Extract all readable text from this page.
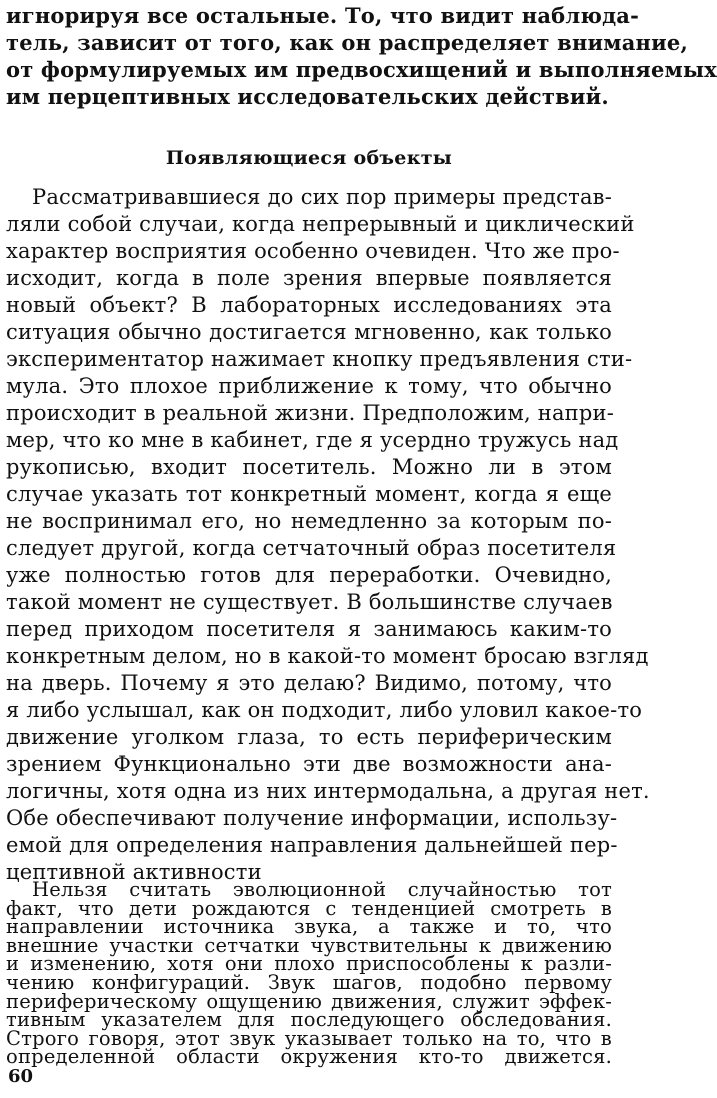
игнорируя все остальные. То, что видит наблюда-
тель, зависит от того, как он распределяет внимание,
от формулируемых им предвосхищений и выполняемых
им перцептивных исследовательских действий.
Появляющиеся объекты
Рассматривавшиеся до сих пор примеры представ-
ляли собой случаи, когда непрерывный и циклический
характер восприятия особенно очевиден. Что же про-
исходит, когда в поле зрения впервые появляется
новый объект? В лабораторных исследованиях эта
ситуация обычно достигается мгновенно, как только
экспериментатор нажимает кнопку предъявления сти-
мула. Это плохое приближение к тому, что обычно
происходит в реальной жизни. Предположим, напри-
мер, что ко мне в кабинет, где я усердно тружусь над
рукописью, входит посетитель. Можно ли в этом
случае указать тот конкретный момент, когда я еще
не воспринимал его, но немедленно за которым по-
следует другой, когда сетчаточный образ посетителя
уже полностью готов для переработки. Очевидно,
такой момент не существует. В большинстве случаев
перед приходом посетителя я занимаюсь каким-то
конкретным делом, но в какой-то момент бросаю взгляд
на дверь. Почему я это делаю? Видимо, потому, что
я либо услышал, как он подходит, либо уловил какое-то
движение уголком глаза, то есть периферическим
зрением Функционально эти две возможности ана-
логичны, хотя одна из них интермодальна, а другая нет.
Обе обеспечивают получение информации, использу-
емой для определения направления дальнейшей пер-
цептивной активности
Нельзя считать эволюционной случайностью тот
факт, что дети рождаются с тенденцией смотреть в
направлении источника звука, а также и то, что
внешние участки сетчатки чувствительны к движению
и изменению, хотя они плохо приспособлены к разли-
чению конфигураций. Звук шагов, подобно первому
периферическому ощущению движения, служит эффек-
тивным указателем для последующего обследования.
Строго говоря, этот звук указывает только на то, что в
определенной области окружения кто-то движется.
60
